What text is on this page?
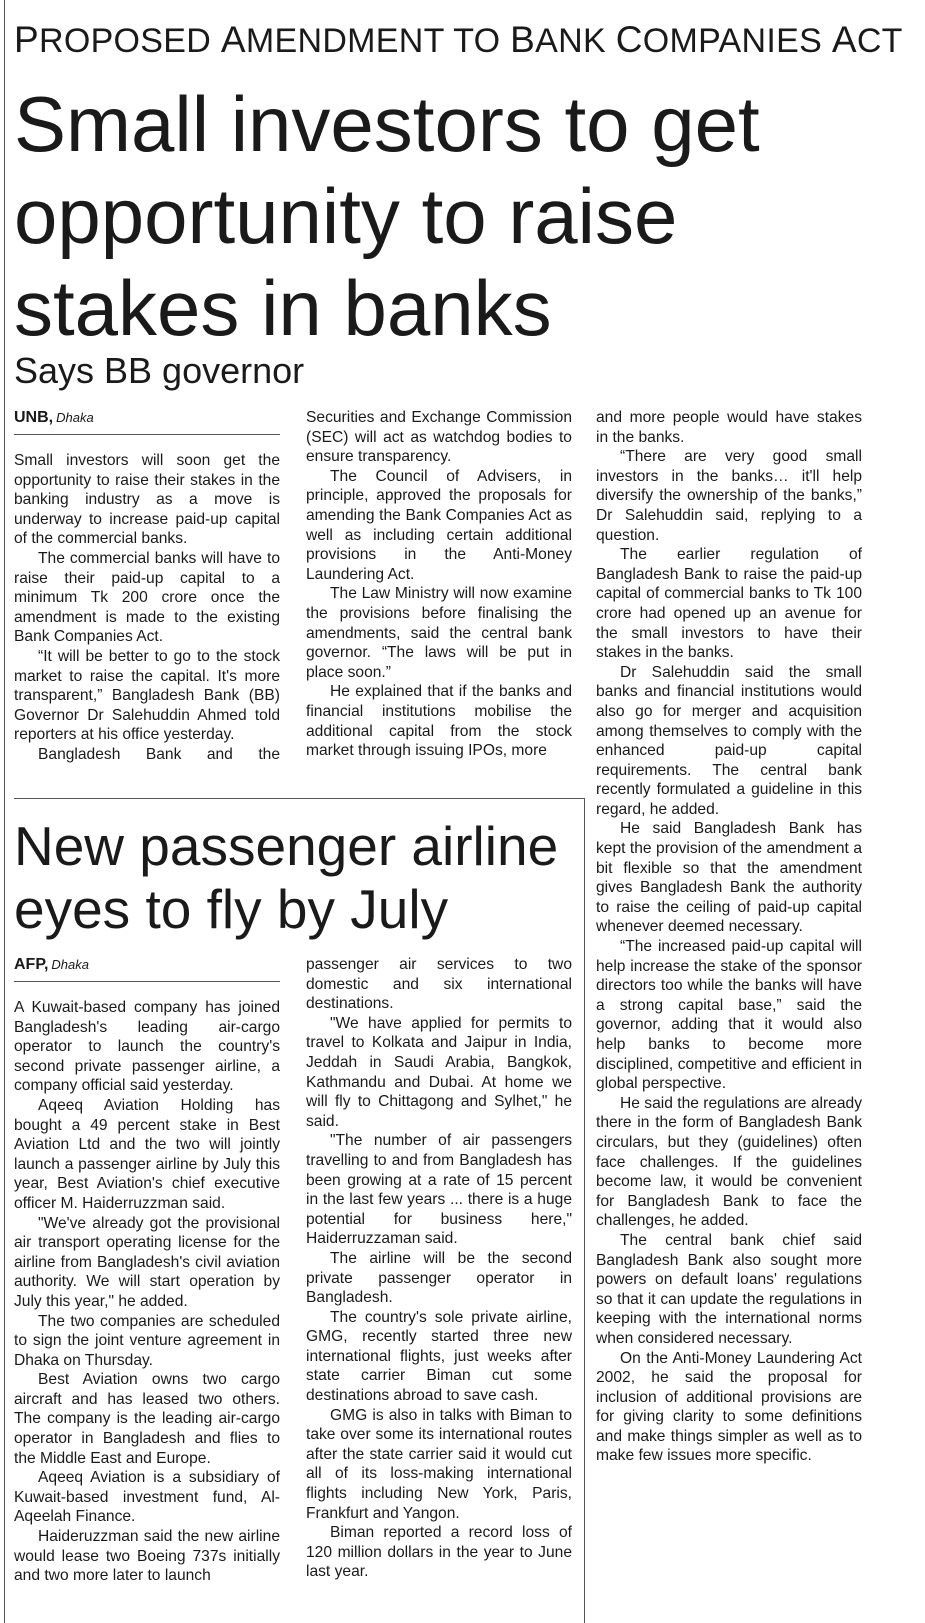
PROPOSED AMENDMENT TO BANK COMPANIES ACT
Small investors to get opportunity to raise stakes in banks
Says BB governor
UNB, Dhaka

Small investors will soon get the opportunity to raise their stakes in the banking industry as a move is underway to increase paid-up capital of the commercial banks.

The commercial banks will have to raise their paid-up capital to a minimum Tk 200 crore once the amendment is made to the existing Bank Companies Act.

“It will be better to go to the stock market to raise the capital. It's more transparent,” Bangladesh Bank (BB) Governor Dr Salehuddin Ahmed told reporters at his office yesterday.

Bangladesh Bank and the

Securities and Exchange Commission (SEC) will act as watchdog bodies to ensure transparency.

The Council of Advisers, in principle, approved the proposals for amending the Bank Companies Act as well as including certain additional provisions in the Anti-Money Laundering Act.

The Law Ministry will now examine the provisions before finalising the amendments, said the central bank governor. “The laws will be put in place soon.”

He explained that if the banks and financial institutions mobilise the additional capital from the stock market through issuing IPOs, more

and more people would have stakes in the banks.

“There are very good small investors in the banks… it'll help diversify the ownership of the banks,” Dr Salehuddin said, replying to a question.

The earlier regulation of Bangladesh Bank to raise the paid-up capital of commercial banks to Tk 100 crore had opened up an avenue for the small investors to have their stakes in the banks.

Dr Salehuddin said the small banks and financial institutions would also go for merger and acquisition among themselves to comply with the enhanced paid-up capital requirements. The central bank recently formulated a guideline in this regard, he added.

He said Bangladesh Bank has kept the provision of the amendment a bit flexible so that the amendment gives Bangladesh Bank the authority to raise the ceiling of paid-up capital whenever deemed necessary.

“The increased paid-up capital will help increase the stake of the sponsor directors too while the banks will have a strong capital base,” said the governor, adding that it would also help banks to become more disciplined, competitive and efficient in global perspective.

He said the regulations are already there in the form of Bangladesh Bank circulars, but they (guidelines) often face challenges. If the guidelines become law, it would be convenient for Bangladesh Bank to face the challenges, he added.

The central bank chief said Bangladesh Bank also sought more powers on default loans' regulations so that it can update the regulations in keeping with the international norms when considered necessary.

On the Anti-Money Laundering Act 2002, he said the proposal for inclusion of additional provisions are for giving clarity to some definitions and make things simpler as well as to make few issues more specific.

New passenger airline eyes to fly by July
AFP, Dhaka

A Kuwait-based company has joined Bangladesh's leading air-cargo operator to launch the country's second private passenger airline, a company official said yesterday.

Aqeeq Aviation Holding has bought a 49 percent stake in Best Aviation Ltd and the two will jointly launch a passenger airline by July this year, Best Aviation's chief executive officer M. Haiderruzzman said.

"We've already got the provisional air transport operating license for the airline from Bangladesh's civil aviation authority. We will start operation by July this year," he added.

The two companies are scheduled to sign the joint venture agreement in Dhaka on Thursday.

Best Aviation owns two cargo aircraft and has leased two others. The company is the leading air-cargo operator in Bangladesh and flies to the Middle East and Europe.

Aqeeq Aviation is a subsidiary of Kuwait-based investment fund, Al-Aqeelah Finance.

Haideruzzman said the new airline would lease two Boeing 737s initially and two more later to launch

passenger air services to two domestic and six international destinations.

"We have applied for permits to travel to Kolkata and Jaipur in India, Jeddah in Saudi Arabia, Bangkok, Kathmandu and Dubai. At home we will fly to Chittagong and Sylhet," he said.

"The number of air passengers travelling to and from Bangladesh has been growing at a rate of 15 percent in the last few years ... there is a huge potential for business here," Haiderruzzaman said.

The airline will be the second private passenger operator in Bangladesh.

The country's sole private airline, GMG, recently started three new international flights, just weeks after state carrier Biman cut some destinations abroad to save cash.

GMG is also in talks with Biman to take over some its international routes after the state carrier said it would cut all of its loss-making international flights including New York, Paris, Frankfurt and Yangon.

Biman reported a record loss of 120 million dollars in the year to June last year.
